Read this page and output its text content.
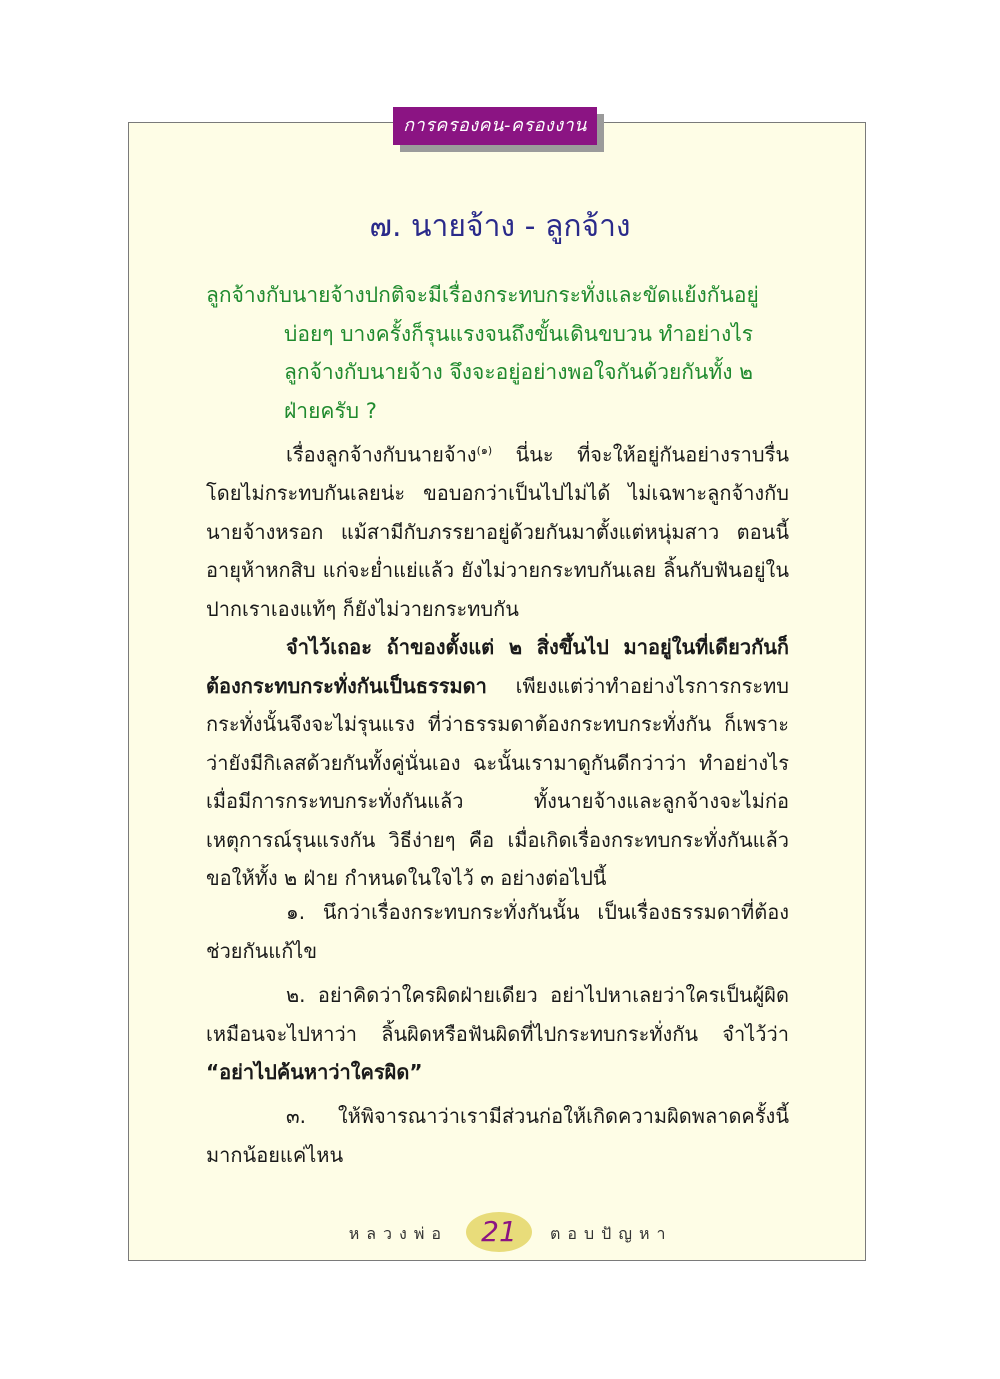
การครองคน-ครองงาน
๗. นายจ้าง - ลูกจ้าง
ลูกจ้างกับนายจ้างปกติจะมีเรื่องกระทบกระทั่งและขัดแย้งกันอยู่
บ่อยๆ บางครั้งก็รุนแรงจนถึงขั้นเดินขบวน ทำอย่างไร ลูกจ้างกับนายจ้าง จึงจะอยู่อย่างพอใจกันด้วยกันทั้ง ๒ ฝ่ายครับ ?
เรื่องลูกจ้างกับนายจ้าง$^{(๑)}$ นี่นะ ที่จะให้อยู่กันอย่างราบรื่นโดยไม่กระทบกันเลยน่ะ ขอบอกว่าเป็นไปไม่ได้ ไม่เฉพาะลูกจ้างกับนายจ้างหรอก แม้สามีกับภรรยาอยู่ด้วยกันมาตั้งแต่หนุ่มสาว ตอนนี้อายุห้าหกสิบ แก่จะย่ำแย่แล้ว ยังไม่วายกระทบกันเลย ลิ้นกับฟันอยู่ในปากเราเองแท้ๆ ก็ยังไม่วายกระทบกัน
จำไว้เถอะ ถ้าของตั้งแต่ ๒ สิ่งขึ้นไป มาอยู่ในที่เดียวกันก็ต้องกระทบกระทั่งกันเป็นธรรมดา เพียงแต่ว่าทำอย่างไรการกระทบกระทั่งนั้นจึงจะไม่รุนแรง ที่ว่าธรรมดาต้องกระทบกระทั่งกัน ก็เพราะว่ายังมีกิเลสด้วยกันทั้งคู่นั่นเอง ฉะนั้นเรามาดูกันดีกว่าว่า ทำอย่างไรเมื่อมีการกระทบกระทั่งกันแล้ว ทั้งนายจ้างและลูกจ้างจะไม่ก่อเหตุการณ์รุนแรงกัน วิธีง่ายๆ คือ เมื่อเกิดเรื่องกระทบกระทั่งกันแล้ว ขอให้ทั้ง ๒ ฝ่าย กำหนดในใจไว้ ๓ อย่างต่อไปนี้
๑. นึกว่าเรื่องกระทบกระทั่งกันนั้น เป็นเรื่องธรรมดาที่ต้องช่วยกันแก้ไข
๒. อย่าคิดว่าใครผิดฝ่ายเดียว อย่าไปหาเลยว่าใครเป็นผู้ผิดเหมือนจะไปหาว่า ลิ้นผิดหรือฟันผิดที่ไปกระทบกระทั่งกัน จำไว้ว่า “อย่าไปค้นหาว่าใครผิด”
๓. ให้พิจารณาว่าเรามีส่วนก่อให้เกิดความผิดพลาดครั้งนี้มากน้อยแค่ไหน
หลวงพ่อ	21	ตอบปัญหา
